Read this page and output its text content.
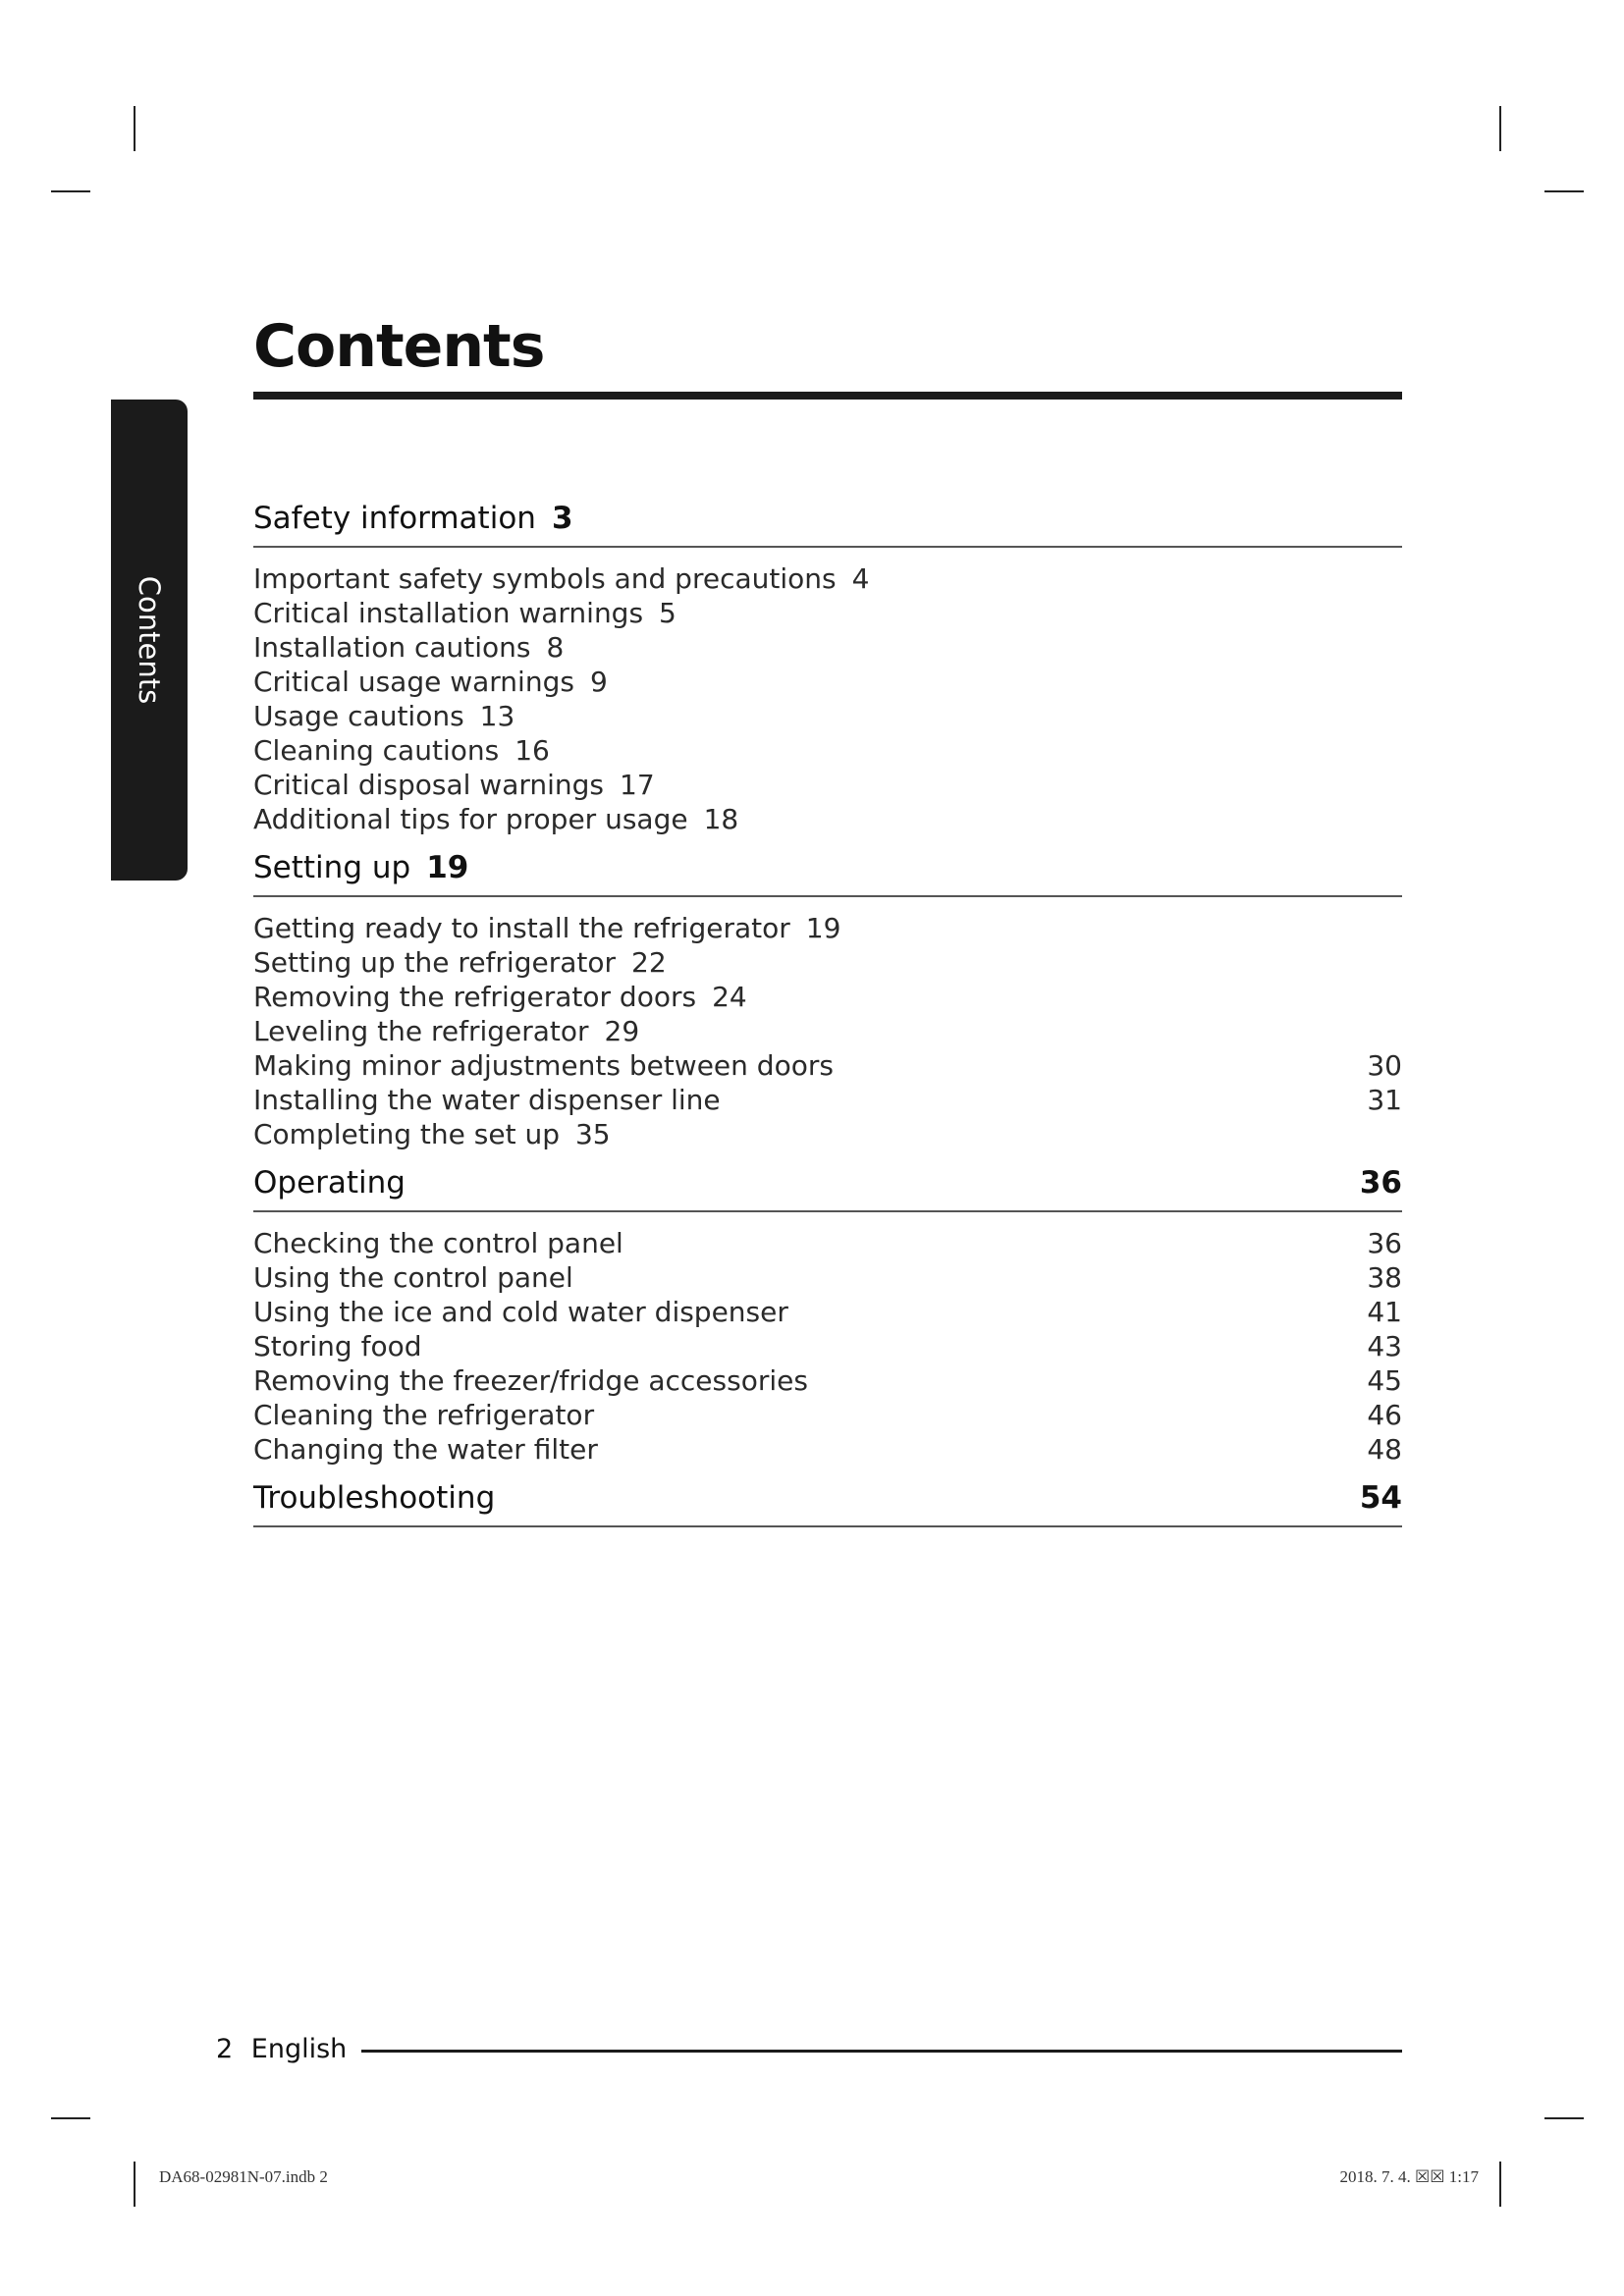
Contents
Contents
Safety information 3
Important safety symbols and precautions 4
Critical installation warnings 5
Installation cautions 8
Critical usage warnings 9
Usage cautions 13
Cleaning cautions 16
Critical disposal warnings 17
Additional tips for proper usage 18
Setting up 19
Getting ready to install the refrigerator 19
Setting up the refrigerator 22
Removing the refrigerator doors 24
Leveling the refrigerator 29
Making minor adjustments between doors	30
Installing the water dispenser line	31
Completing the set up 35
Operating	36
Checking the control panel	36
Using the control panel	38
Using the ice and cold water dispenser	41
Storing food	43
Removing the freezer/fridge accessories	45
Cleaning the refrigerator	46
Changing the water filter	48
Troubleshooting	54
2 English
DA68-02981N-07.indb 2	2018. 7. 4. ☒☒ 1:17
